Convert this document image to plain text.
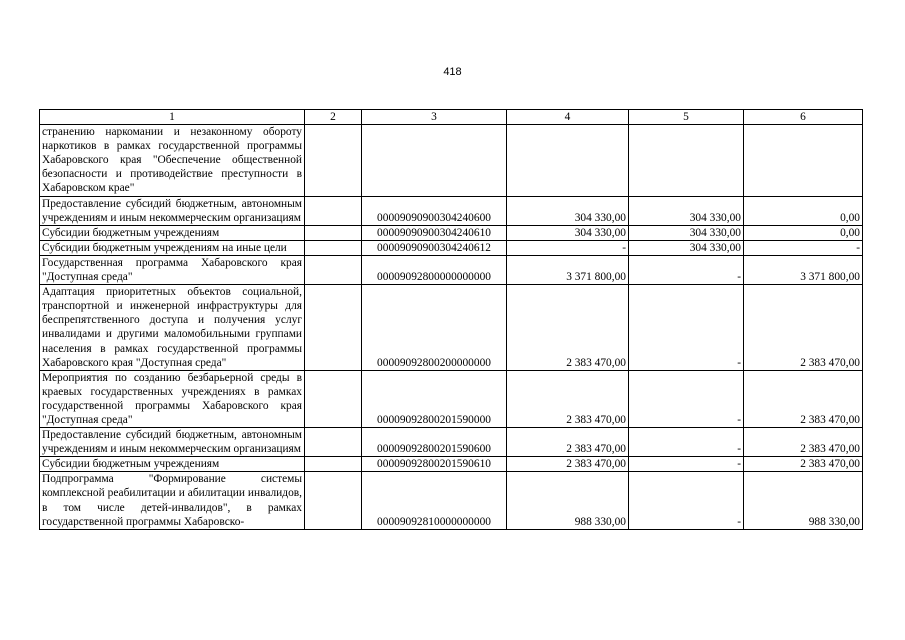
418
1	2	3	4	5	6
странению наркомании и незаконному обороту наркотиков в рамках государственной программы Хабаровского края "Обеспечение общественной безопасности и противодействие преступности в Хабаровском крае"					
Предоставление субсидий бюджетным, автономным учреждениям и иным некоммерческим организациям		00009090900304240600	304 330,00	304 330,00	0,00
Субсидии бюджетным учреждениям		00009090900304240610	304 330,00	304 330,00	0,00
Субсидии бюджетным учреждениям на иные цели		00009090900304240612	-	304 330,00	-
Государственная программа Хабаровского края "Доступная среда"		00009092800000000000	3 371 800,00	-	3 371 800,00
Адаптация приоритетных объектов социальной, транспортной и инженерной инфраструктуры для беспрепятственного доступа и получения услуг инвалидами и другими маломобильными группами населения в рамках государственной программы Хабаровского края "Доступная среда"		00009092800200000000	2 383 470,00	-	2 383 470,00
Мероприятия по созданию безбарьерной среды в краевых государственных учреждениях в рамках государственной программы Хабаровского края "Доступная среда"		00009092800201590000	2 383 470,00	-	2 383 470,00
Предоставление субсидий бюджетным, автономным учреждениям и иным некоммерческим организациям		00009092800201590600	2 383 470,00	-	2 383 470,00
Субсидии бюджетным учреждениям		00009092800201590610	2 383 470,00	-	2 383 470,00
Подпрограмма "Формирование системы комплексной реабилитации и абилитации инвалидов, в том числе детей-инвалидов", в рамках государственной программы Хабаровско-		00009092810000000000	988 330,00	-	988 330,00
